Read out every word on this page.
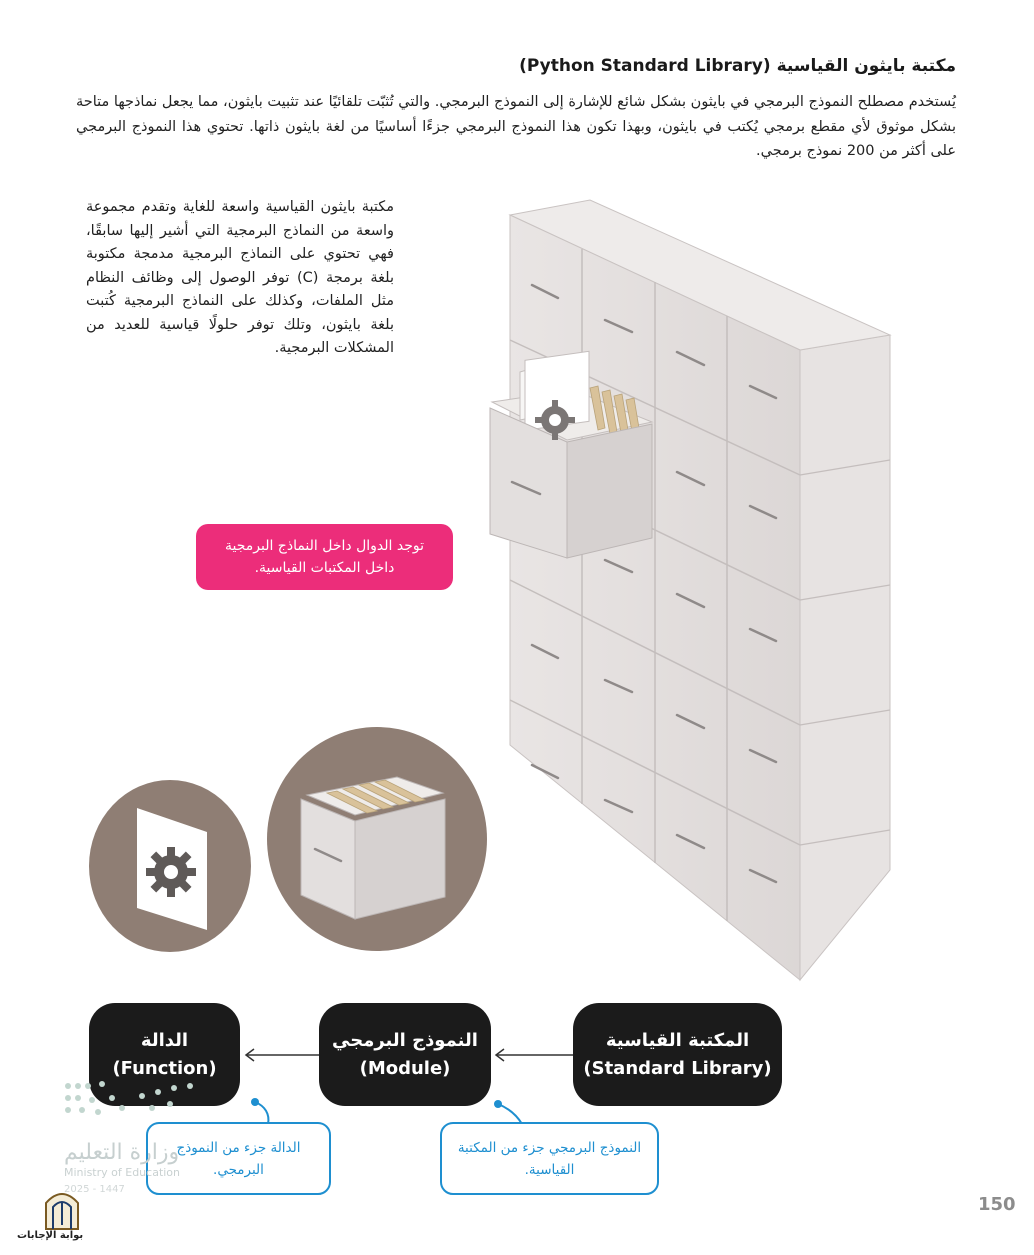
مكتبة بايثون القياسية (Python Standard Library)
يُستخدم مصطلح النموذج البرمجي في بايثون بشكل شائع للإشارة إلى النموذج البرمجي. والتي تُثبّت تلقائيًا عند تثبيت بايثون، مما يجعل نماذجها متاحة بشكل موثوق لأي مقطع برمجي يُكتب في بايثون، وبهذا تكون هذا النموذج البرمجي جزءًا أساسيًا من لغة بايثون ذاتها. تحتوي هذا النموذج البرمجي على أكثر من 200 نموذج برمجي.
مكتبة بايثون القياسية واسعة للغاية وتقدم مجموعة واسعة من النماذج البرمجية التي أشير إليها سابقًا، فهي تحتوي على النماذج البرمجية مدمجة مكتوبة بلغة برمجة (C) توفر الوصول إلى وظائف النظام مثل الملفات، وكذلك على النماذج البرمجية كُتبت بلغة بايثون، وتلك توفر حلولًا قياسية للعديد من المشكلات البرمجية.
توجد الدوال داخل النماذج البرمجية داخل المكتبات القياسية.
الدالة
(Function)
النموذج البرمجي
(Module)
المكتبة القياسية
(Standard Library)
الدالة جزء من النموذج البرمجي.
النموذج البرمجي جزء من المكتبة القياسية.
وزارة التعليم
Ministry of Education
2025 - 1447
بوابة الإجابات
150
